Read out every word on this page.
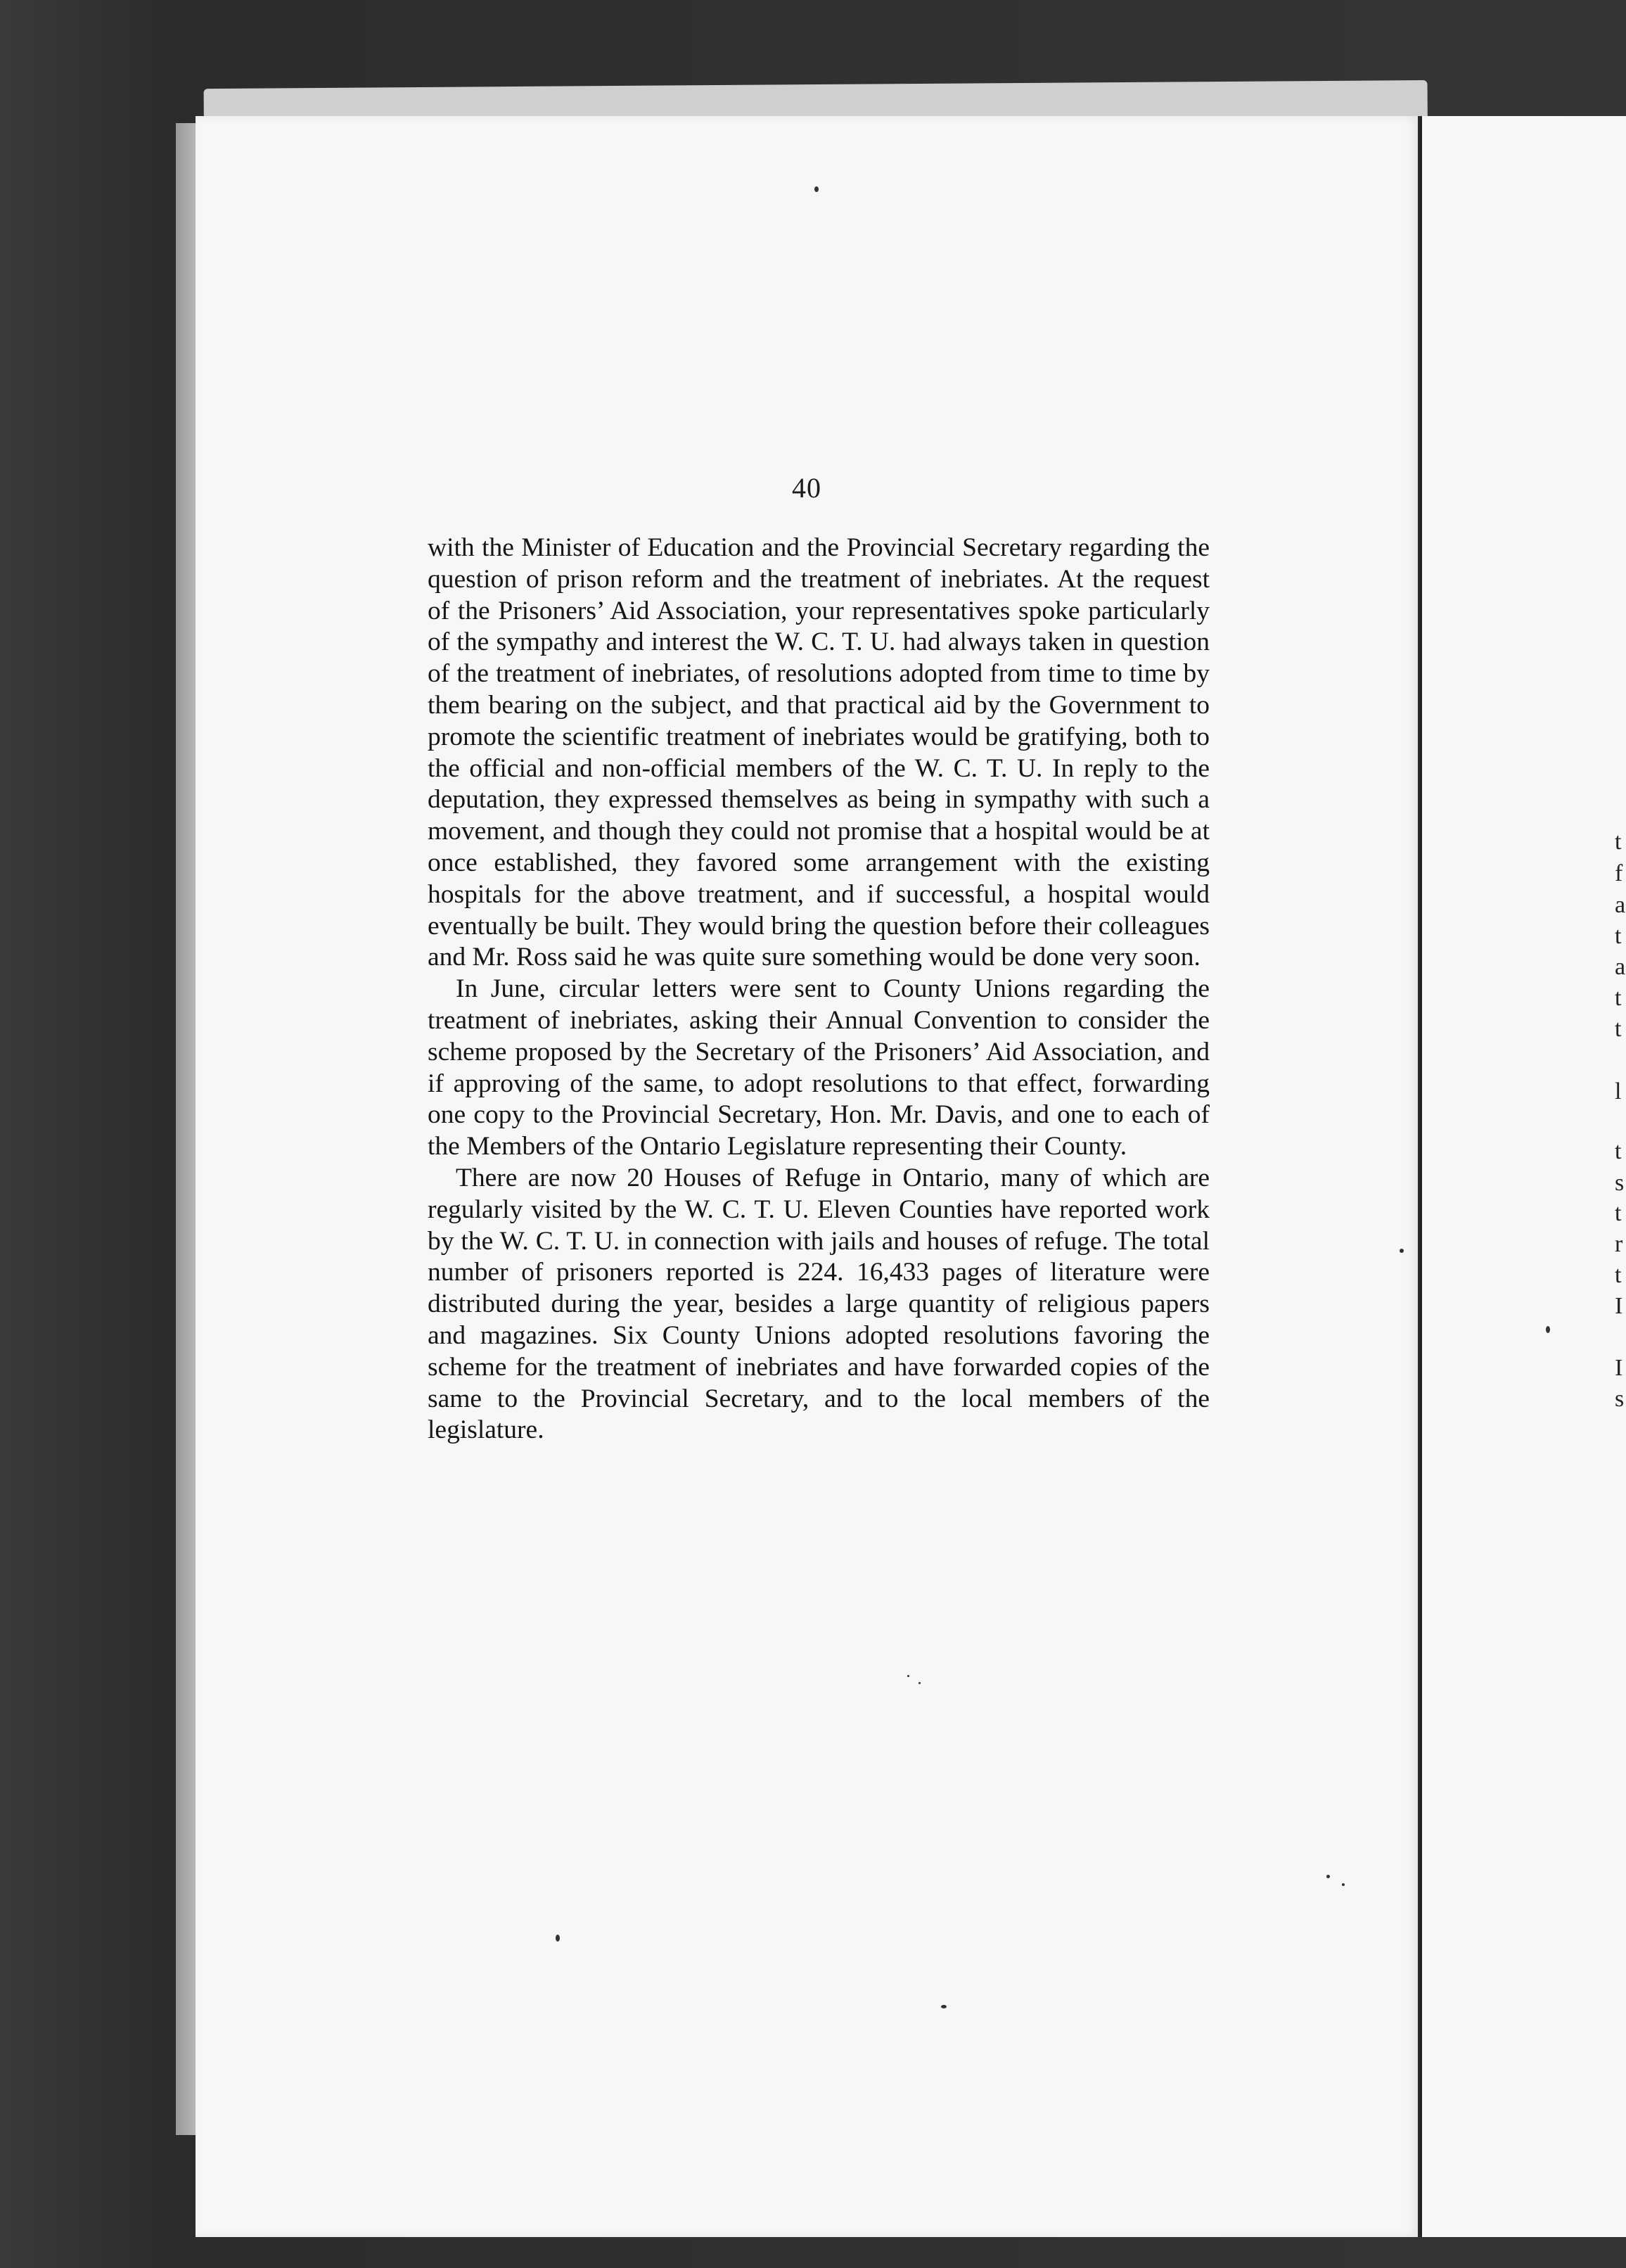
40

with the Minister of Education and the Provincial Secretary regarding the question of prison reform and the treatment of inebriates. At the request of the Prisoners’ Aid Association, your representatives spoke particularly of the sympathy and interest the W. C. T. U. had always taken in question of the treatment of inebriates, of resolutions adopted from time to time by them bearing on the subject, and that practical aid by the Government to promote the scientific treatment of inebriates would be gratifying, both to the official and non-official members of the W. C. T. U. In reply to the deputation, they expressed themselves as being in sympathy with such a movement, and though they could not promise that a hospital would be at once established, they favored some arrangement with the existing hospitals for the above treatment, and if successful, a hospital would eventually be built. They would bring the question before their colleagues and Mr. Ross said he was quite sure something would be done very soon.

In June, circular letters were sent to County Unions regarding the treatment of inebriates, asking their Annual Convention to consider the scheme proposed by the Secretary of the Prisoners’ Aid Association, and if approving of the same, to adopt resolutions to that effect, forwarding one copy to the Provincial Secretary, Hon. Mr. Davis, and one to each of the Members of the Ontario Legislature representing their County.

There are now 20 Houses of Refuge in Ontario, many of which are regularly visited by the W. C. T. U. Eleven Counties have reported work by the W. C. T. U. in connection with jails and houses of refuge. The total number of prisoners reported is 224. 16,433 pages of literature were distributed during the year, besides a large quantity of religious papers and magazines. Six County Unions adopted resolutions favoring the scheme for the treatment of inebriates and have forwarded copies of the same to the Provincial Secretary, and to the local members of the legislature.

t
f
a
t
a
t
t
l
t
s
t
r
t
I
I
s
